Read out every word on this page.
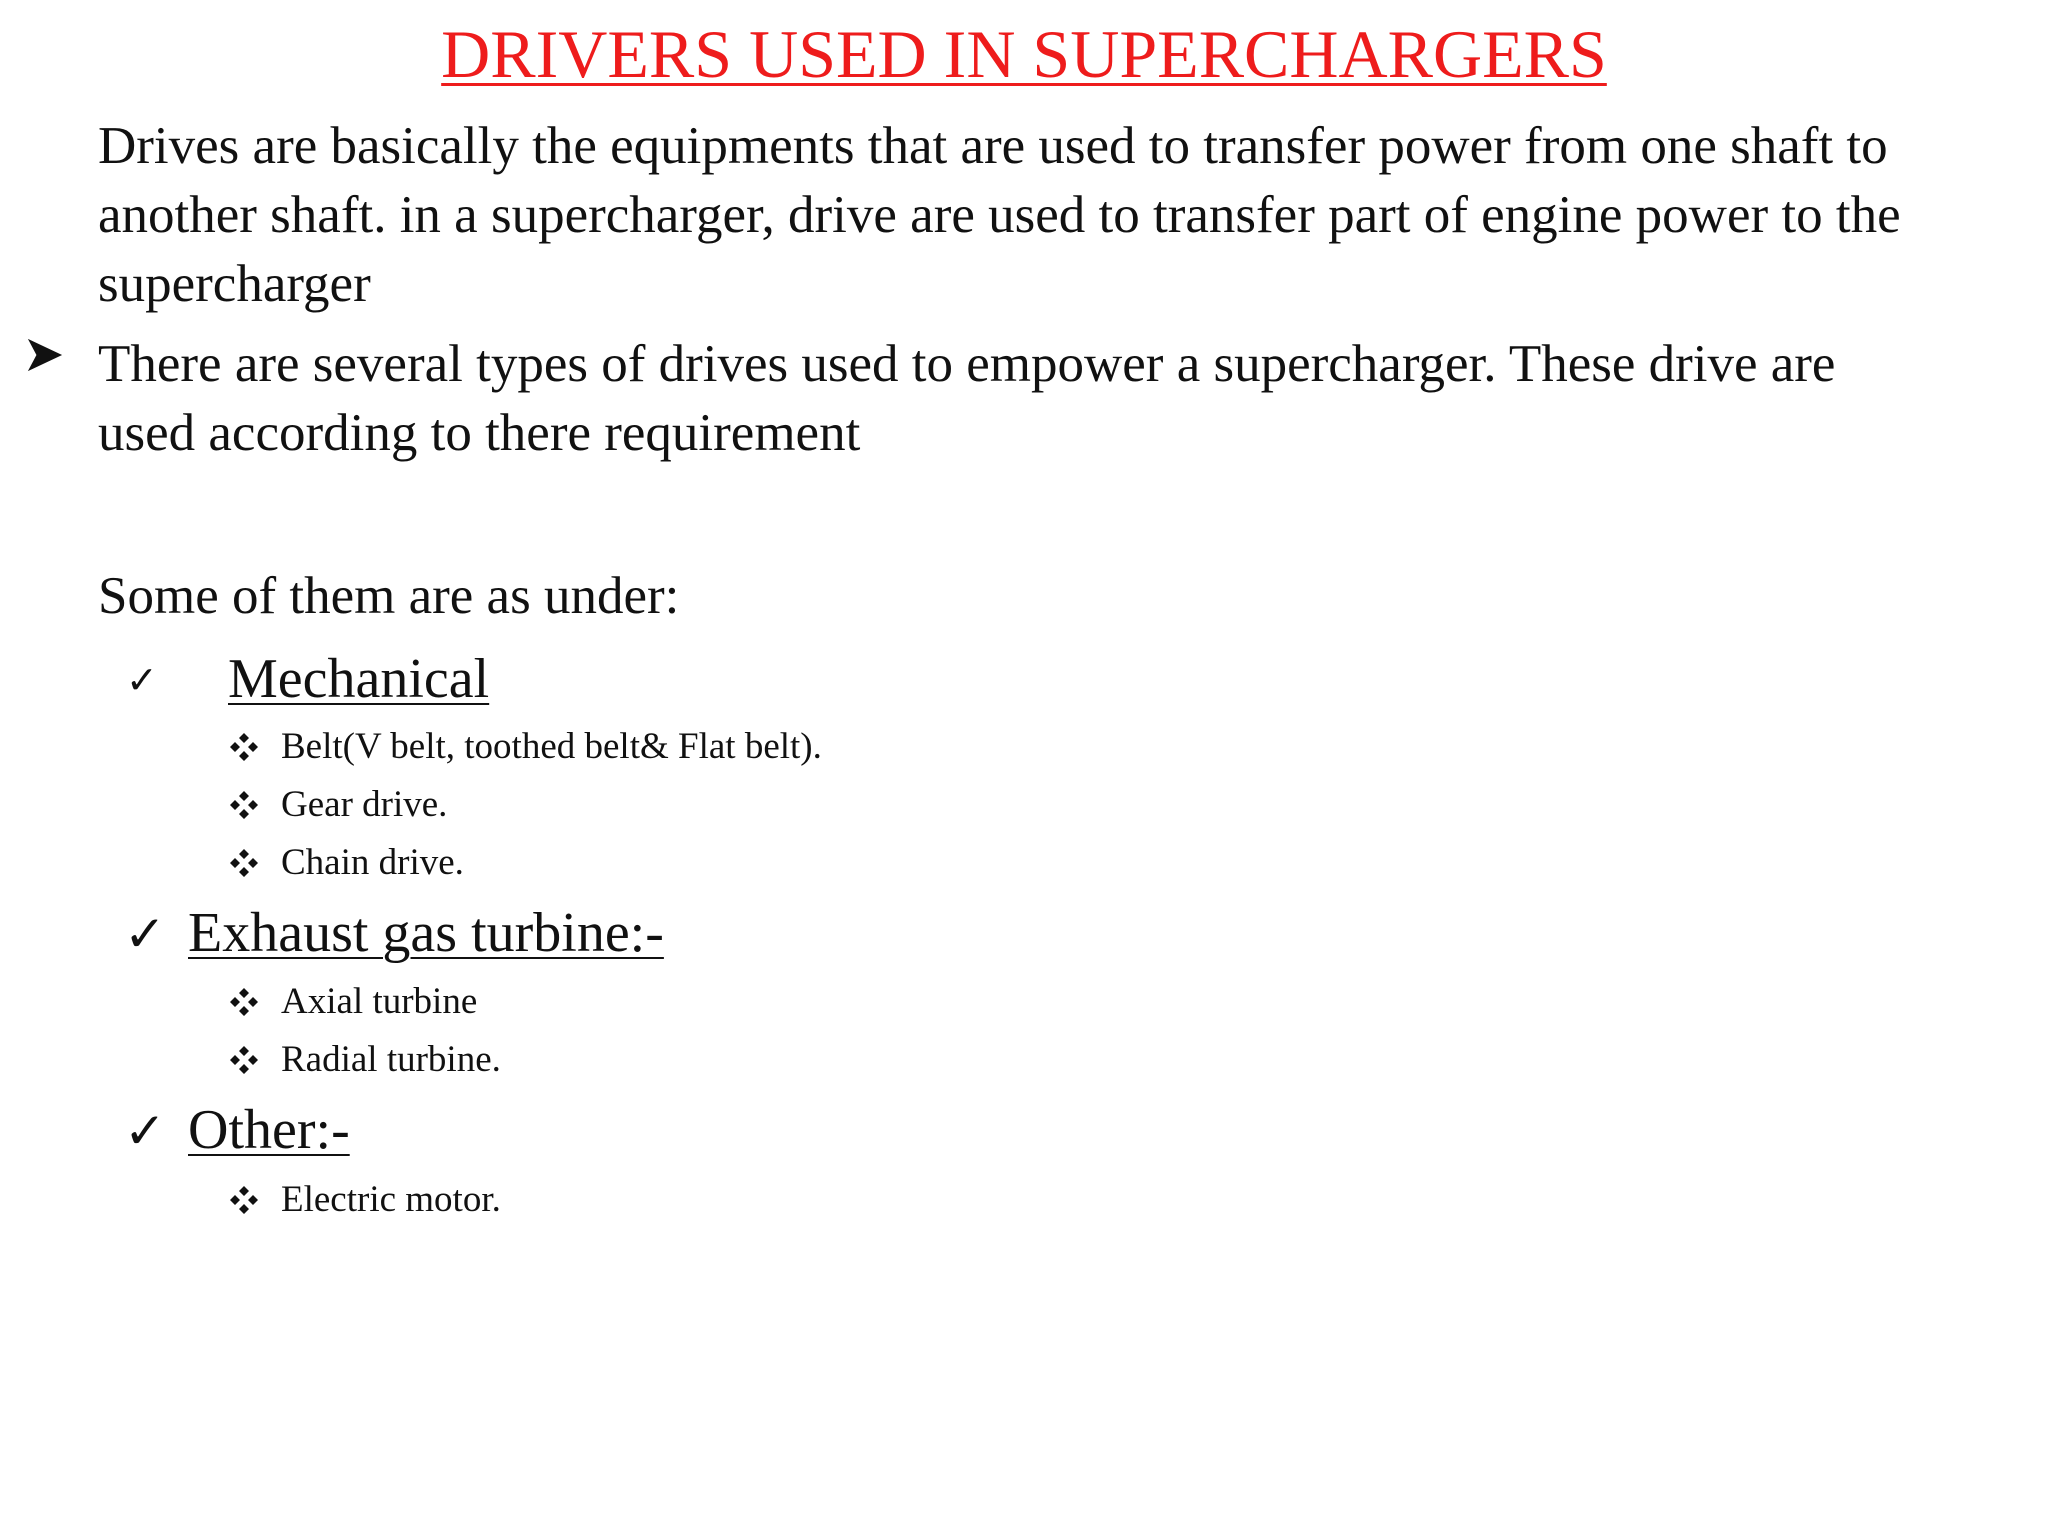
DRIVERS USED IN SUPERCHARGERS

Drives are basically the equipments that are used to transfer power from one shaft to another shaft. in a supercharger, drive are used to transfer part of engine power to the supercharger

There are several types of drives used to empower a supercharger. These drive are used according to there requirement

Some of them are as under:
✓ Mechanical
Belt(V belt, toothed belt& Flat belt).
Gear drive.
Chain drive.
✓ Exhaust gas turbine:-
Axial turbine
Radial turbine.
✓ Other:-
Electric motor.
